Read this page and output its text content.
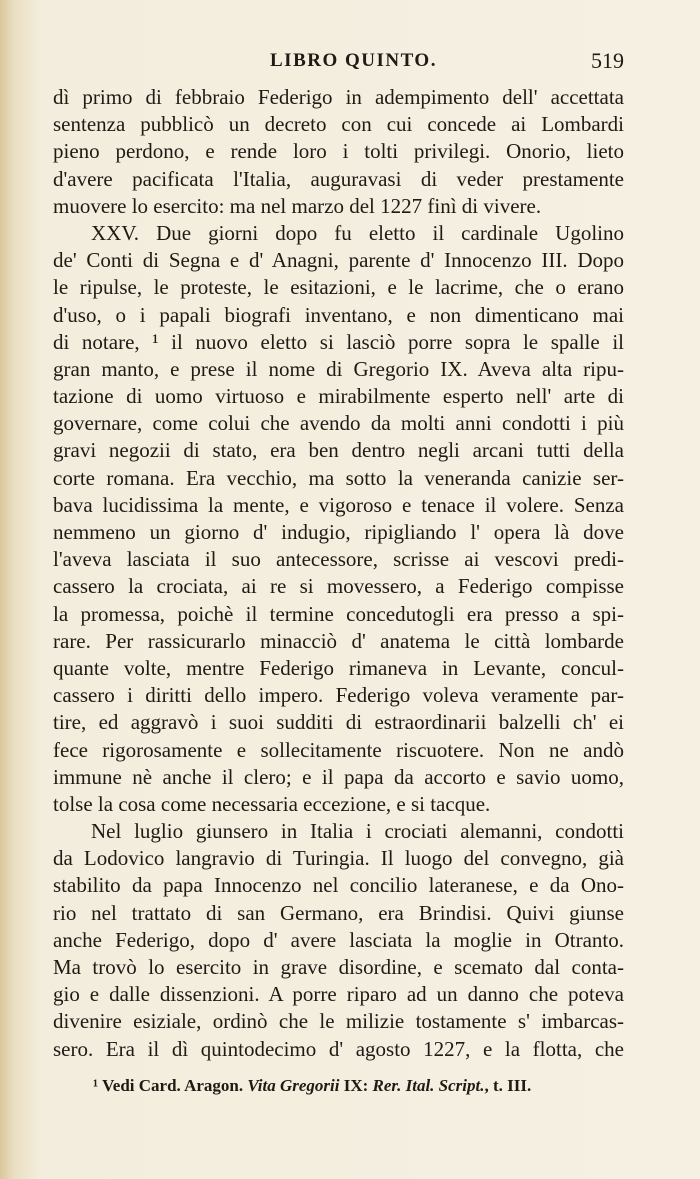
LIBRO QUINTO.	519
dì primo di febbraio Federigo in adempimento dell' accettata
sentenza pubblicò un decreto con cui concede ai Lombardi
pieno perdono, e rende loro i tolti privilegi. Onorio, lieto
d'avere pacificata l'Italia, auguravasi di veder prestamente
muovere lo esercito: ma nel marzo del 1227 finì di vivere.
XXV. Due giorni dopo fu eletto il cardinale Ugolino
de' Conti di Segna e d' Anagni, parente d' Innocenzo III. Dopo
le ripulse, le proteste, le esitazioni, e le lacrime, che o erano
d'uso, o i papali biografi inventano, e non dimenticano mai
di notare, ¹ il nuovo eletto si lasciò porre sopra le spalle il
gran manto, e prese il nome di Gregorio IX. Aveva alta ripu-
tazione di uomo virtuoso e mirabilmente esperto nell' arte di
governare, come colui che avendo da molti anni condotti i più
gravi negozii di stato, era ben dentro negli arcani tutti della
corte romana. Era vecchio, ma sotto la veneranda canizie ser-
bava lucidissima la mente, e vigoroso e tenace il volere. Senza
nemmeno un giorno d' indugio, ripigliando l' opera là dove
l'aveva lasciata il suo antecessore, scrisse ai vescovi predi-
cassero la crociata, ai re si movessero, a Federigo compisse
la promessa, poichè il termine concedutogli era presso a spi-
rare. Per rassicurarlo minacciò d' anatema le città lombarde
quante volte, mentre Federigo rimaneva in Levante, concul-
cassero i diritti dello impero. Federigo voleva veramente par-
tire, ed aggravò i suoi sudditi di estraordinarii balzelli ch' ei
fece rigorosamente e sollecitamente riscuotere. Non ne andò
immune nè anche il clero; e il papa da accorto e savio uomo,
tolse la cosa come necessaria eccezione, e si tacque.
Nel luglio giunsero in Italia i crociati alemanni, condotti
da Lodovico langravio di Turingia. Il luogo del convegno, già
stabilito da papa Innocenzo nel concilio lateranese, e da Ono-
rio nel trattato di san Germano, era Brindisi. Quivi giunse
anche Federigo, dopo d' avere lasciata la moglie in Otranto.
Ma trovò lo esercito in grave disordine, e scemato dal conta-
gio e dalle dissenzioni. A porre riparo ad un danno che poteva
divenire esiziale, ordinò che le milizie tostamente s' imbarcas-
sero. Era il dì quintodecimo d' agosto 1227, e la flotta, che
¹ Vedi Card. Aragon. Vita Gregorii IX: Rer. Ital. Script., t. III.
